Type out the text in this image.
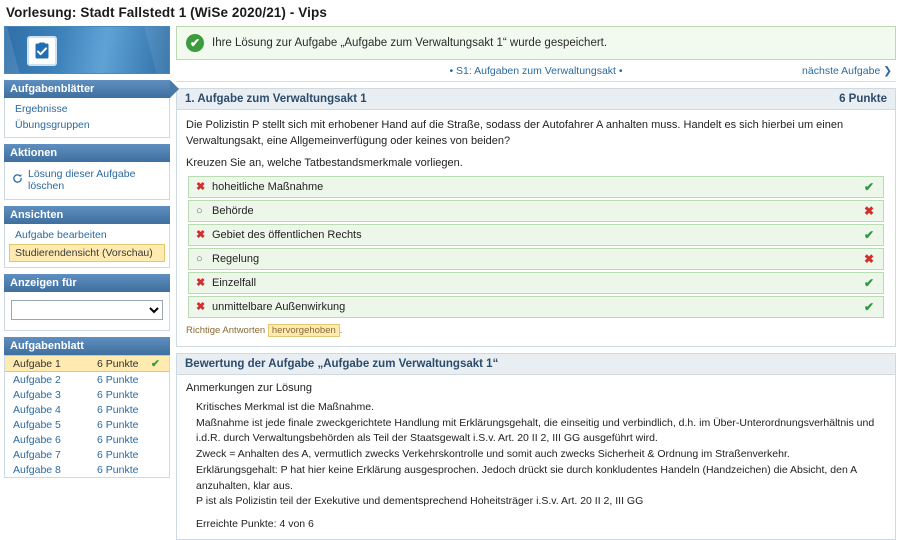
Vorlesung: Stadt Fallstedt 1 (WiSe 2020/21) - Vips
Aufgabenblätter
Ergebnisse
Übungsgruppen
Aktionen
Lösung dieser Aufgabe löschen
Ansichten
Aufgabe bearbeiten
Studierendensicht (Vorschau)
Anzeigen für
Aufgabenblatt
Aufgabe 1	6 Punkte	✔
Aufgabe 2	6 Punkte
Aufgabe 3	6 Punkte
Aufgabe 4	6 Punkte
Aufgabe 5	6 Punkte
Aufgabe 6	6 Punkte
Aufgabe 7	6 Punkte
Aufgabe 8	6 Punkte
✔	Ihre Lösung zur Aufgabe „Aufgabe zum Verwaltungsakt 1“ wurde gespeichert.
• S1: Aufgaben zum Verwaltungsakt •	nächste Aufgabe ❯
1. Aufgabe zum Verwaltungsakt 1	6 Punkte
Die Polizistin P stellt sich mit erhobener Hand auf die Straße, sodass der Autofahrer A anhalten muss. Handelt es sich hierbei um einen Verwaltungsakt, eine Allgemeinverfügung oder keines von beiden?
Kreuzen Sie an, welche Tatbestandsmerkmale vorliegen.
✖ hoheitliche Maßnahme	✔
○ Behörde	✖
✖ Gebiet des öffentlichen Rechts	✔
○ Regelung	✖
✖ Einzelfall	✔
✖ unmittelbare Außenwirkung	✔
Richtige Antworten hervorgehoben .
Bewertung der Aufgabe „Aufgabe zum Verwaltungsakt 1“
Anmerkungen zur Lösung
Kritisches Merkmal ist die Maßnahme.
Maßnahme ist jede finale zweckgerichtete Handlung mit Erklärungsgehalt, die einseitig und verbindlich, d.h. im Über-Unterordnungsverhältnis und i.d.R. durch Verwaltungsbehörden als Teil der Staatsgewalt i.S.v. Art. 20 II 2, III GG ausgeführt wird.
Zweck = Anhalten des A, vermutlich zwecks Verkehrskontrolle und somit auch zwecks Sicherheit & Ordnung im Straßenverkehr.
Erklärungsgehalt: P hat hier keine Erklärung ausgesprochen. Jedoch drückt sie durch konkludentes Handeln (Handzeichen) die Absicht, den A anzuhalten, klar aus.
P ist als Polizistin teil der Exekutive und dementsprechend Hoheitsträger i.S.v. Art. 20 II 2, III GG
Erreichte Punkte: 4 von 6
